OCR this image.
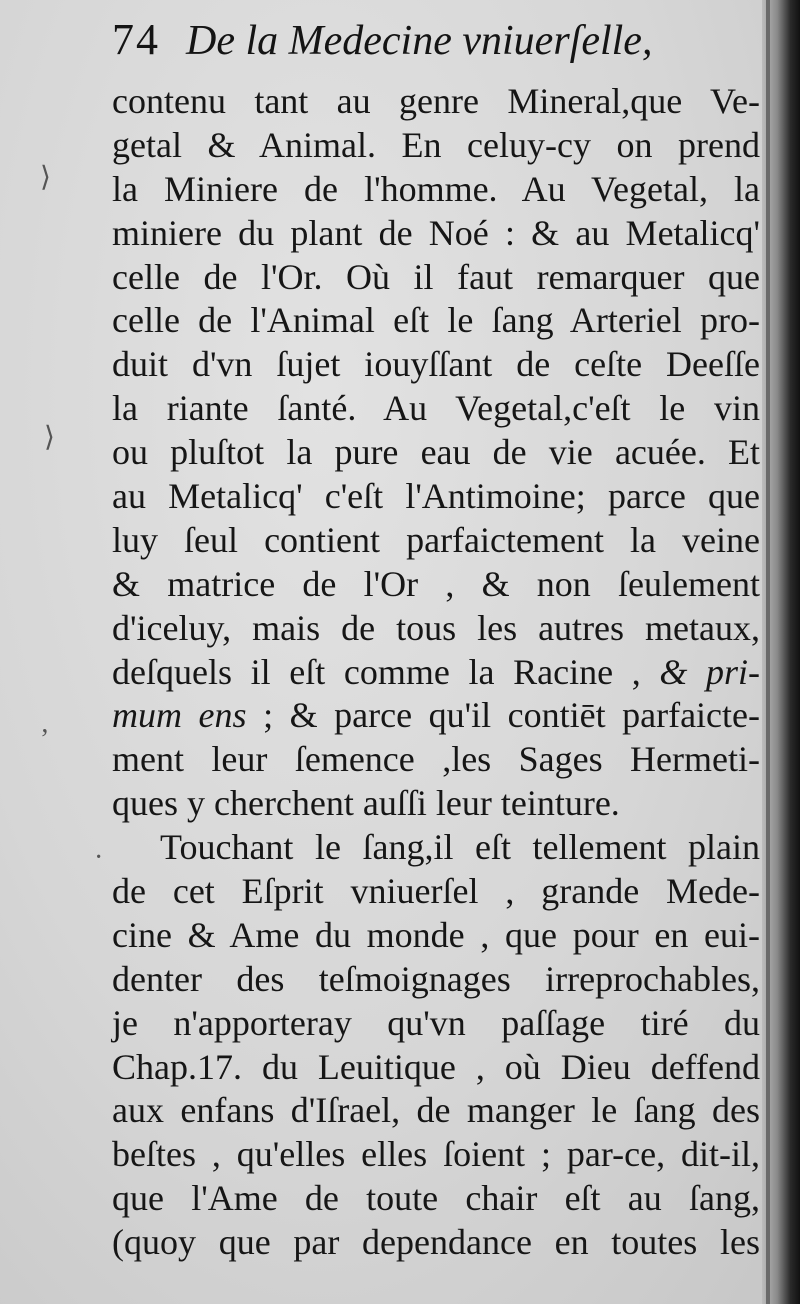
74 De la Medecine vniuerſelle,
⟩
⟩
ʼ
·
contenu tant au genre Mineral,que Ve-
getal & Animal. En celuy-cy on prend
la Miniere de l'homme. Au Vegetal, la
miniere du plant de Noé : & au Metalicq'
celle de l'Or. Où il faut remarquer que
celle de l'Animal eſt le ſang Arteriel pro-
duit d'vn ſujet iouyſſant de ceſte Deeſſe
la riante ſanté. Au Vegetal,c'eſt le vin
ou pluſtot la pure eau de vie acuée. Et
au Metalicq' c'eſt l'Antimoine; parce que
luy ſeul contient parfaictement la veine
& matrice de l'Or , & non ſeulement
d'iceluy, mais de tous les autres metaux,
deſquels il eſt comme la Racine , & pri-
mum ens ; & parce qu'il contiēt parfaicte-
ment leur ſemence ,les Sages Hermeti-
ques y cherchent auſſi leur teinture.
Touchant le ſang,il eſt tellement plain
de cet Eſprit vniuerſel , grande Mede-
cine & Ame du monde , que pour en eui-
denter des teſmoignages irreprochables,
je n'apporteray qu'vn paſſage tiré du
Chap.17. du Leuitique , où Dieu deffend
aux enfans d'Iſrael, de manger le ſang des
beſtes , qu'elles elles ſoient ; par-ce, dit-il,
que l'Ame de toute chair eſt au ſang,
(quoy que par dependance en toutes les
